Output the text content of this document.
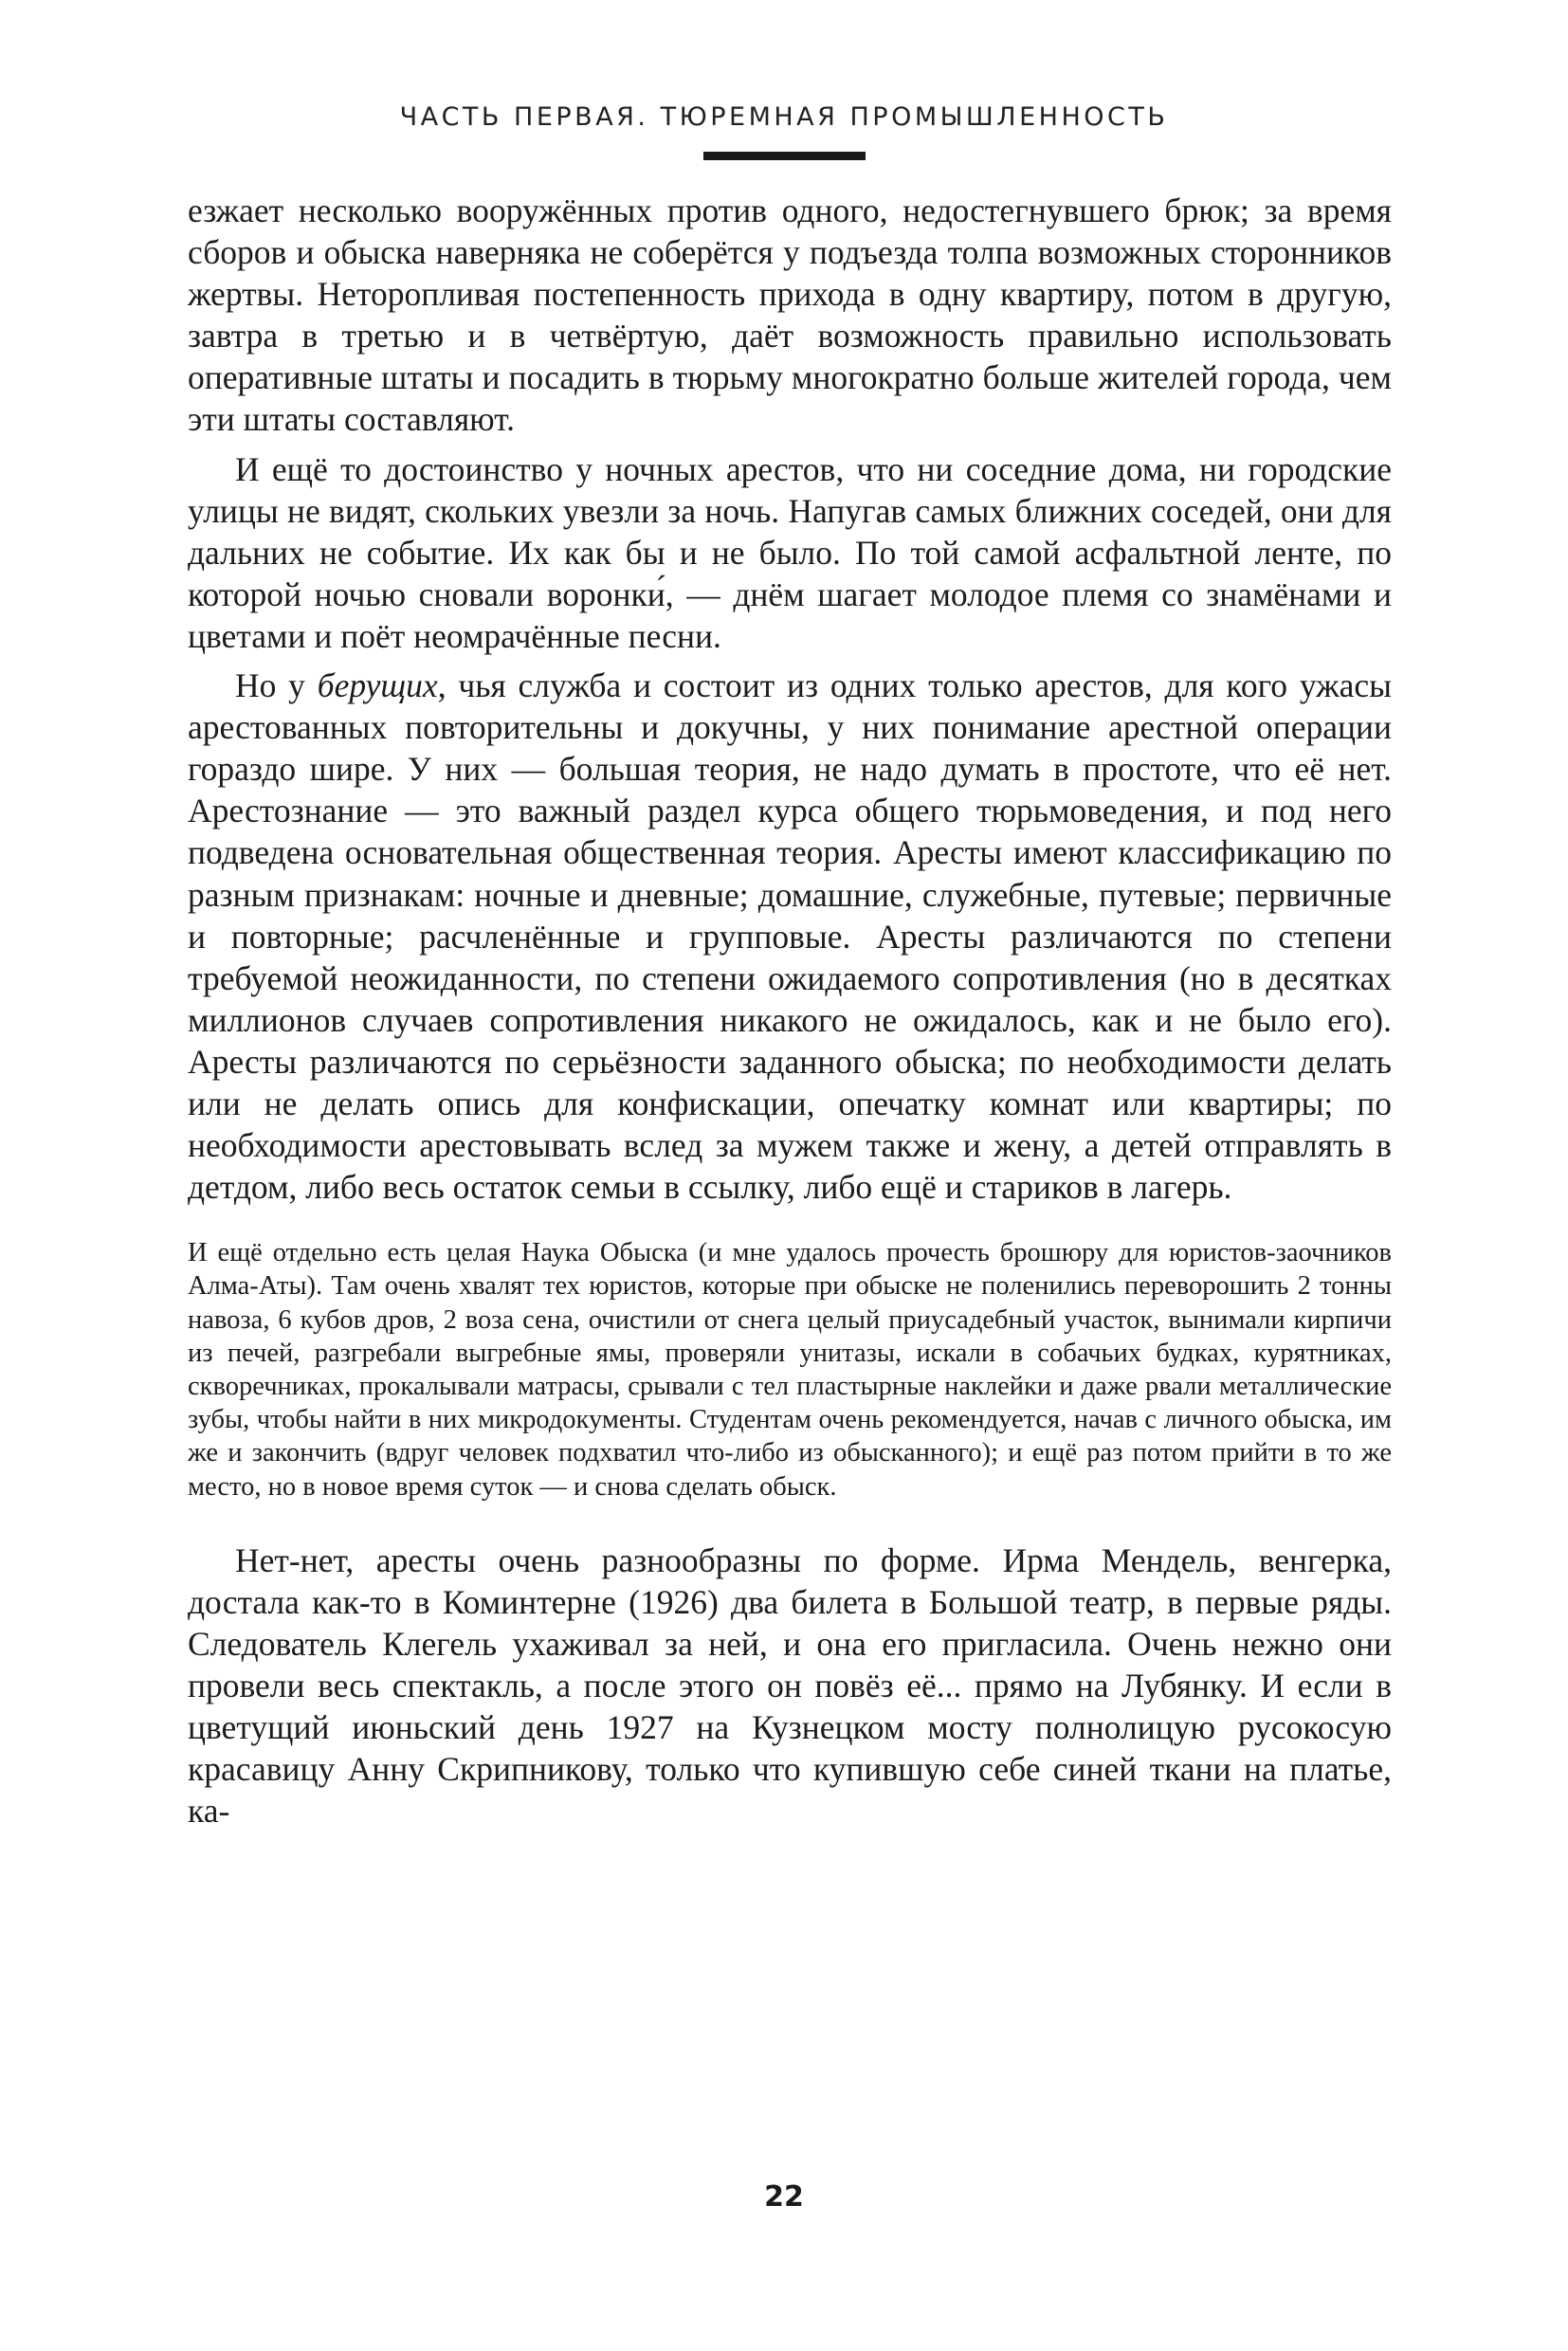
ЧАСТЬ ПЕРВАЯ. ТЮРЕМНАЯ ПРОМЫШЛЕННОСТЬ

езжает несколько вооружённых против одного, недостегнувшего брюк; за время сборов и обыска наверняка не соберётся у подъезда толпа возможных сторонников жертвы. Неторопливая постепенность прихода в одну квартиру, потом в другую, завтра в третью и в четвёртую, даёт возможность правильно использовать оперативные штаты и посадить в тюрьму многократно больше жителей города, чем эти штаты составляют.

И ещё то достоинство у ночных арестов, что ни соседние дома, ни городские улицы не видят, скольких увезли за ночь. Напугав самых ближних соседей, они для дальних не событие. Их как бы и не было. По той самой асфальтной ленте, по которой ночью сновали воронки́, — днём шагает молодое племя со знамёнами и цветами и поёт неомрачённые песни.

Но у берущих, чья служба и состоит из одних только арестов, для кого ужасы арестованных повторительны и докучны, у них понимание арестной операции гораздо шире. У них — большая теория, не надо думать в простоте, что её нет. Арестознание — это важный раздел курса общего тюрьмоведения, и под него подведена основательная общественная теория. Аресты имеют классификацию по разным признакам: ночные и дневные; домашние, служебные, путевые; первичные и повторные; расчленённые и групповые. Аресты различаются по степени требуемой неожиданности, по степени ожидаемого сопротивления (но в десятках миллионов случаев сопротивления никакого не ожидалось, как и не было его). Аресты различаются по серьёзности заданного обыска; по необходимости делать или не делать опись для конфискации, опечатку комнат или квартиры; по необходимости арестовывать вслед за мужем также и жену, а детей отправлять в детдом, либо весь остаток семьи в ссылку, либо ещё и стариков в лагерь.

И ещё отдельно есть целая Наука Обыска (и мне удалось прочесть брошюру для юристов-заочников Алма-Аты). Там очень хвалят тех юристов, которые при обыске не поленились переворошить 2 тонны навоза, 6 кубов дров, 2 воза сена, очистили от снега целый приусадебный участок, вынимали кирпичи из печей, разгребали выгребные ямы, проверяли унитазы, искали в собачьих будках, курятниках, скворечниках, прокалывали матрасы, срывали с тел пластырные наклейки и даже рвали металлические зубы, чтобы найти в них микродокументы. Студентам очень рекомендуется, начав с личного обыска, им же и закончить (вдруг человек подхватил что-либо из обысканного); и ещё раз потом прийти в то же место, но в новое время суток — и снова сделать обыск.

Нет-нет, аресты очень разнообразны по форме. Ирма Мендель, венгерка, достала как-то в Коминтерне (1926) два билета в Большой театр, в первые ряды. Следователь Клегель ухаживал за ней, и она его пригласила. Очень нежно они провели весь спектакль, а после этого он повёз её... прямо на Лубянку. И если в цветущий июньский день 1927 на Кузнецком мосту полнолицую русокосую красавицу Анну Скрипникову, только что купившую себе синей ткани на платье, ка-

22
